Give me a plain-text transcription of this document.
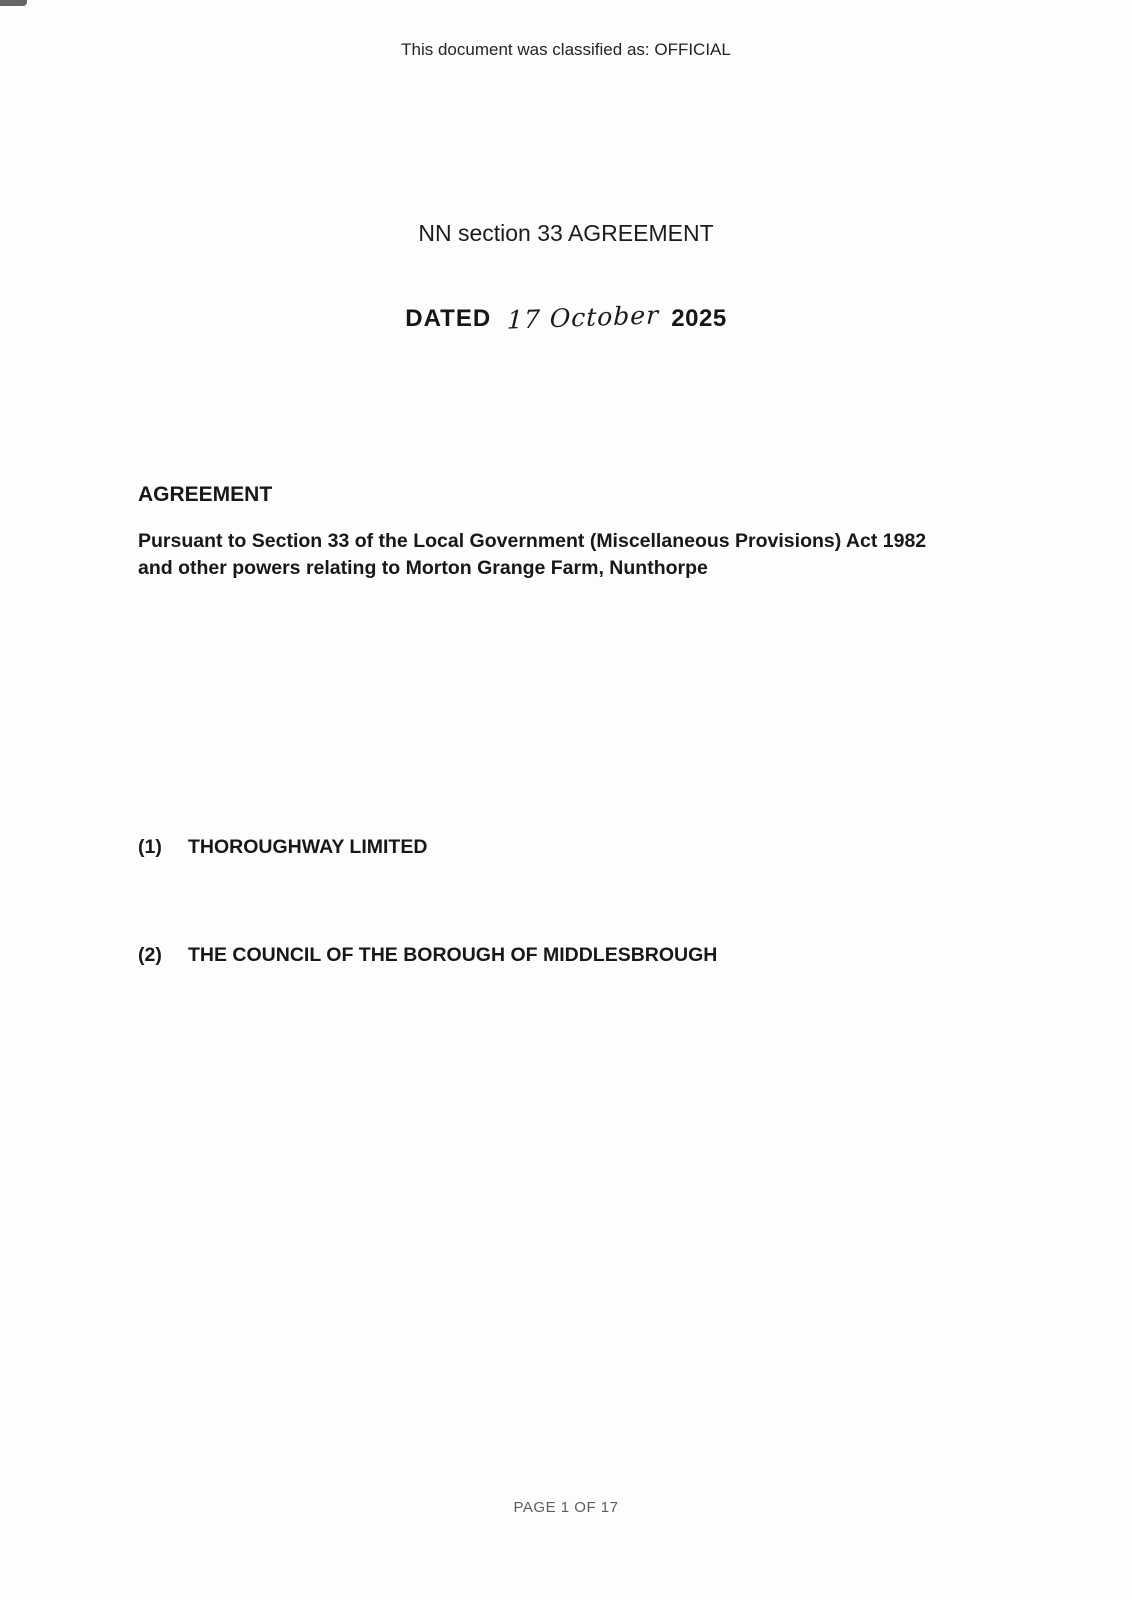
This document was classified as: OFFICIAL
NN section 33 AGREEMENT
DATED 17 October 2025
AGREEMENT
Pursuant to Section 33 of the Local Government (Miscellaneous Provisions) Act 1982
and other powers relating to Morton Grange Farm, Nunthorpe
(1) THOROUGHWAY LIMITED
(2) THE COUNCIL OF THE BOROUGH OF MIDDLESBROUGH
PAGE 1 OF 17
